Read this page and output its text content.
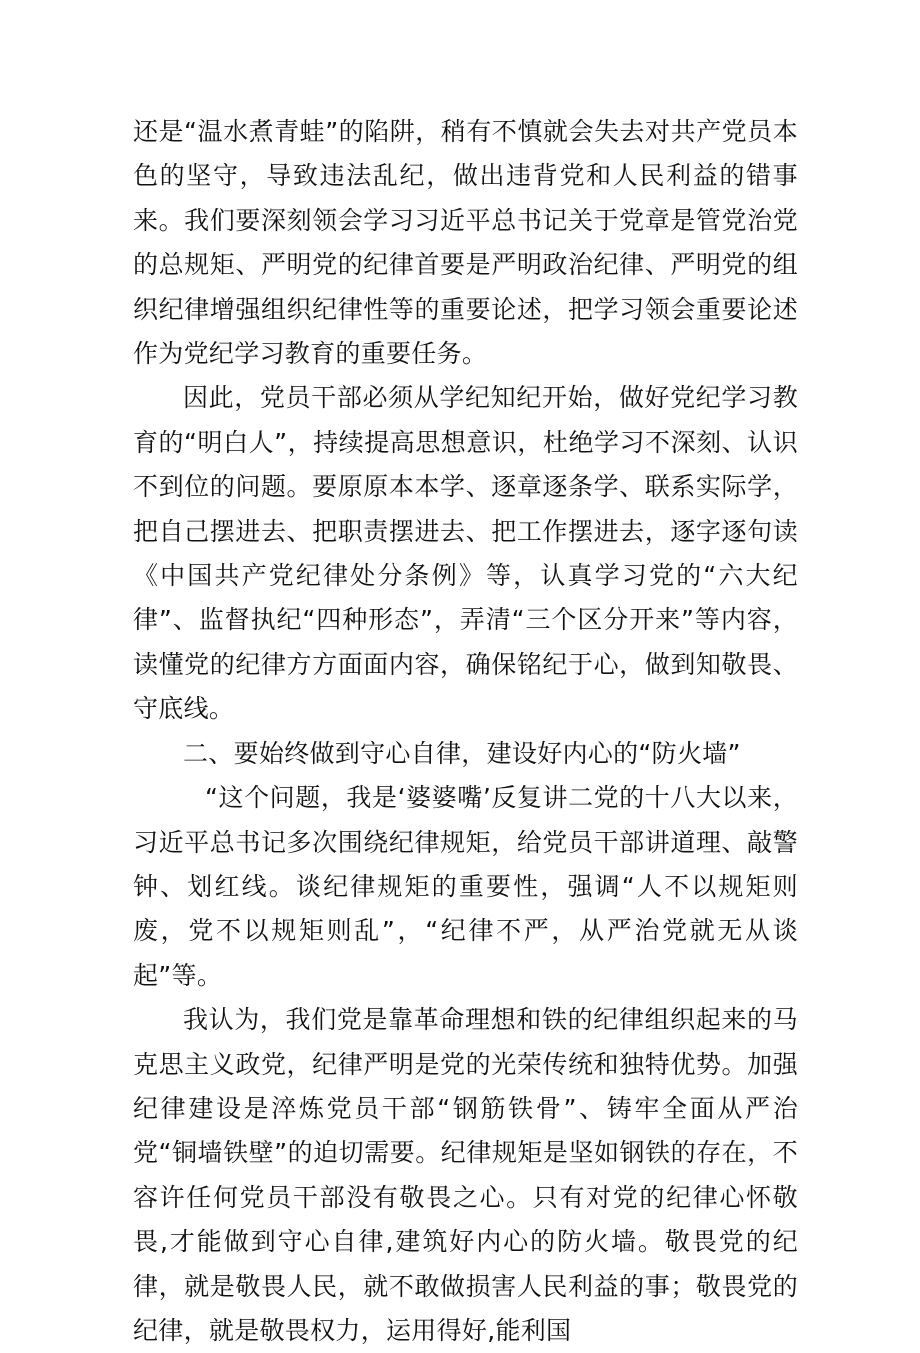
还是“温水煮青蛙”的陷阱，稍有不慎就会失去对共产党员本色的坚守，导致违法乱纪，做出违背党和人民利益的错事来。我们要深刻领会学习习近平总书记关于党章是管党治党的总规矩、严明党的纪律首要是严明政治纪律、严明党的组织纪律增强组织纪律性等的重要论述，把学习领会重要论述作为党纪学习教育的重要任务。

因此，党员干部必须从学纪知纪开始，做好党纪学习教育的“明白人”，持续提高思想意识，杜绝学习不深刻、认识不到位的问题。要原原本本学、逐章逐条学、联系实际学，把自己摆进去、把职责摆进去、把工作摆进去，逐字逐句读《中国共产党纪律处分条例》等，认真学习党的“六大纪律”、监督执纪“四种形态”，弄清“三个区分开来”等内容，读懂党的纪律方方面面内容，确保铭纪于心，做到知敬畏、守底线。

二、要始终做到守心自律，建设好内心的“防火墙”

“这个问题，我是‘婆婆嘴’反复讲二党的十八大以来，习近平总书记多次围绕纪律规矩，给党员干部讲道理、敲警钟、划红线。谈纪律规矩的重要性，强调“人不以规矩则废，党不以规矩则乱”，“纪律不严，从严治党就无从谈起”等。

我认为，我们党是靠革命理想和铁的纪律组织起来的马克思主义政党，纪律严明是党的光荣传统和独特优势。加强纪律建设是淬炼党员干部“钢筋铁骨”、铸牢全面从严治党“铜墙铁壁”的迫切需要。纪律规矩是坚如钢铁的存在，不容许任何党员干部没有敬畏之心。只有对党的纪律心怀敬畏,才能做到守心自律,建筑好内心的防火墙。敬畏党的纪律，就是敬畏人民，就不敢做损害人民利益的事；敬畏党的纪律，就是敬畏权力，运用得好,能利国
